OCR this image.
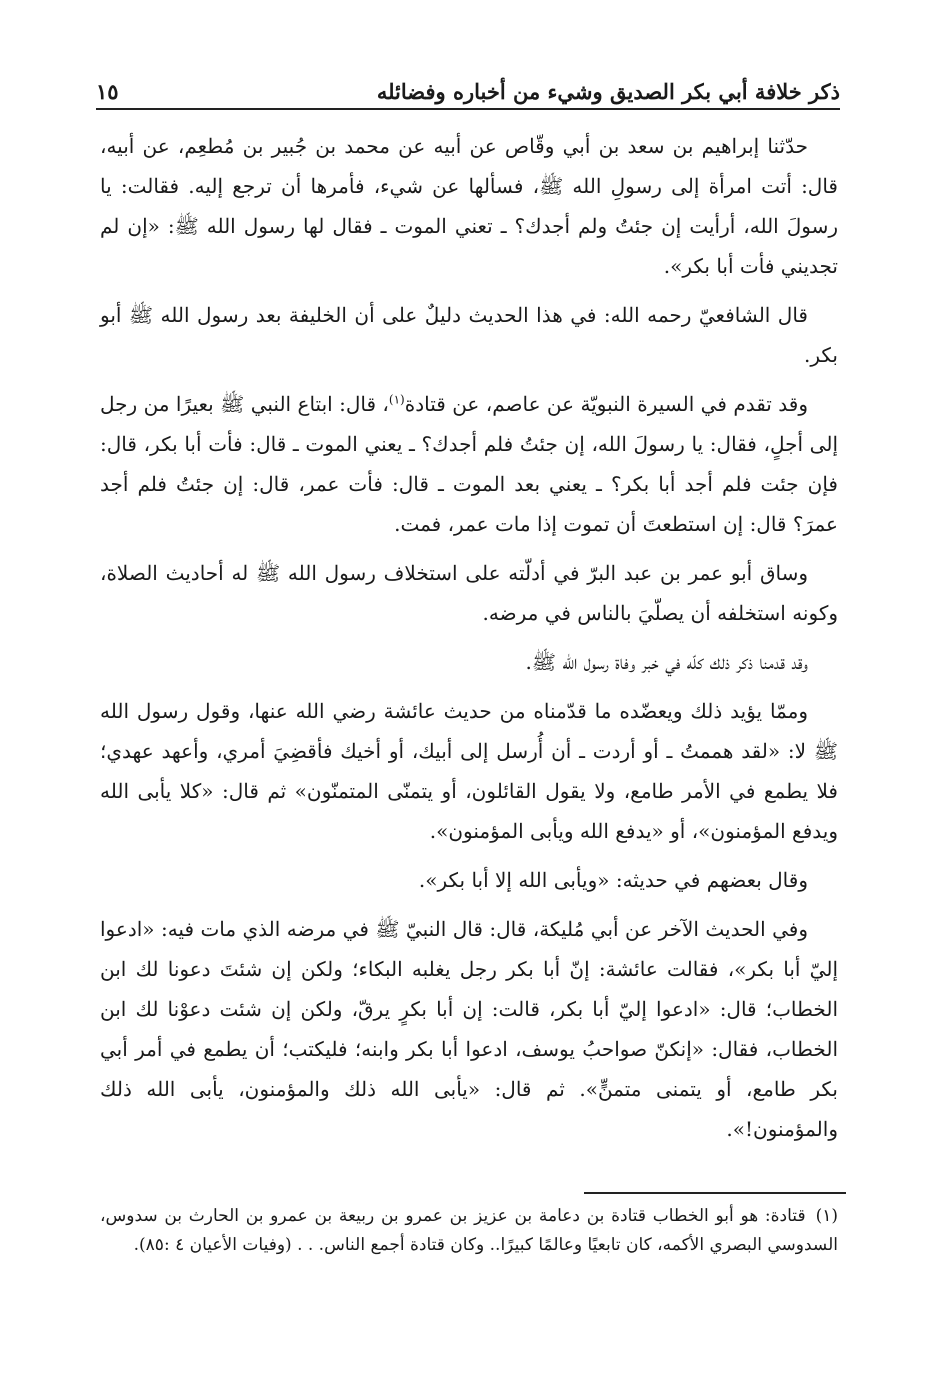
ذكر خلافة أبي بكر الصديق وشيء من أخباره وفضائله
١٥

حدّثنا إبراهيم بن سعد بن أبي وقّاص عن أبيه عن محمد بن جُبير بن مُطعِم، عن أبيه، قال: أتت امرأة إلى رسولِ الله ﷺ، فسألها عن شيء، فأمرها أن ترجع إليه. فقالت: يا رسولَ الله، أرأيت إن جئتُ ولم أجدك؟ ـ تعني الموت ـ فقال لها رسول الله ﷺ: «إن لم تجديني فأت أبا بكر».

قال الشافعيّ رحمه الله: في هذا الحديث دليلٌ على أن الخليفة بعد رسول الله ﷺ أبو بكر.

وقد تقدم في السيرة النبويّة عن عاصم، عن قتادة$^{(١)}$، قال: ابتاع النبي ﷺ بعيرًا من رجل إلى أجلٍ، فقال: يا رسولَ الله، إن جئتُ فلم أجدك؟ ـ يعني الموت ـ قال: فأت أبا بكر، قال: فإن جئت فلم أجد أبا بكر؟ ـ يعني بعد الموت ـ قال: فأت عمر، قال: إن جئتُ فلم أجد عمرَ؟ قال: إن استطعتَ أن تموت إذا مات عمر، فمت.

وساق أبو عمر بن عبد البرّ في أدلّته على استخلاف رسول الله ﷺ له أحاديث الصلاة، وكونه استخلفه أن يصلّيَ بالناس في مرضه.

وقد قدمنا ذكر ذلك كلّه في خبر وفاة رسول الله ﷺ.

وممّا يؤيد ذلك ويعضّده ما قدّمناه من حديث عائشة رضي الله عنها، وقول رسول الله ﷺ لا: «لقد هممتُ ـ أو أردت ـ أن أُرسل إلى أبيك، أو أخيك فأقضِيَ أمري، وأعهد عهدي؛ فلا يطمع في الأمر طامع، ولا يقول القائلون، أو يتمنّى المتمنّون» ثم قال: «كلا يأبى الله ويدفع المؤمنون»، أو «يدفع الله ويأبى المؤمنون».

وقال بعضهم في حديثه: «ويأبى الله إلا أبا بكر».

وفي الحديث الآخر عن أبي مُليكة، قال: قال النبيّ ﷺ في مرضه الذي مات فيه: «ادعوا إليّ أبا بكر»، فقالت عائشة: إنّ أبا بكر رجل يغلبه البكاء؛ ولكن إن شئتَ دعونا لك ابن الخطاب؛ قال: «ادعوا إليّ أبا بكر، قالت: إن أبا بكرٍ يرقّ، ولكن إن شئت دعوْنا لك ابن الخطاب، فقال: «إنكنّ صواحبُ يوسف، ادعوا أبا بكر وابنه؛ فليكتب؛ أن يطمع في أمر أبي بكر طامع، أو يتمنى متمنٍّ». ثم قال: «يأبى الله ذلك والمؤمنون، يأبى الله ذلك والمؤمنون!».

(١)قتادة: هو أبو الخطاب قتادة بن دعامة بن عزيز بن عمرو بن ربيعة بن عمرو بن الحارث بن سدوس، السدوسي البصري الأكمه، كان تابعيًا وعالمًا كبيرًا.. وكان قتادة أجمع الناس. . . (وفيات الأعيان ٤ :٨٥).
